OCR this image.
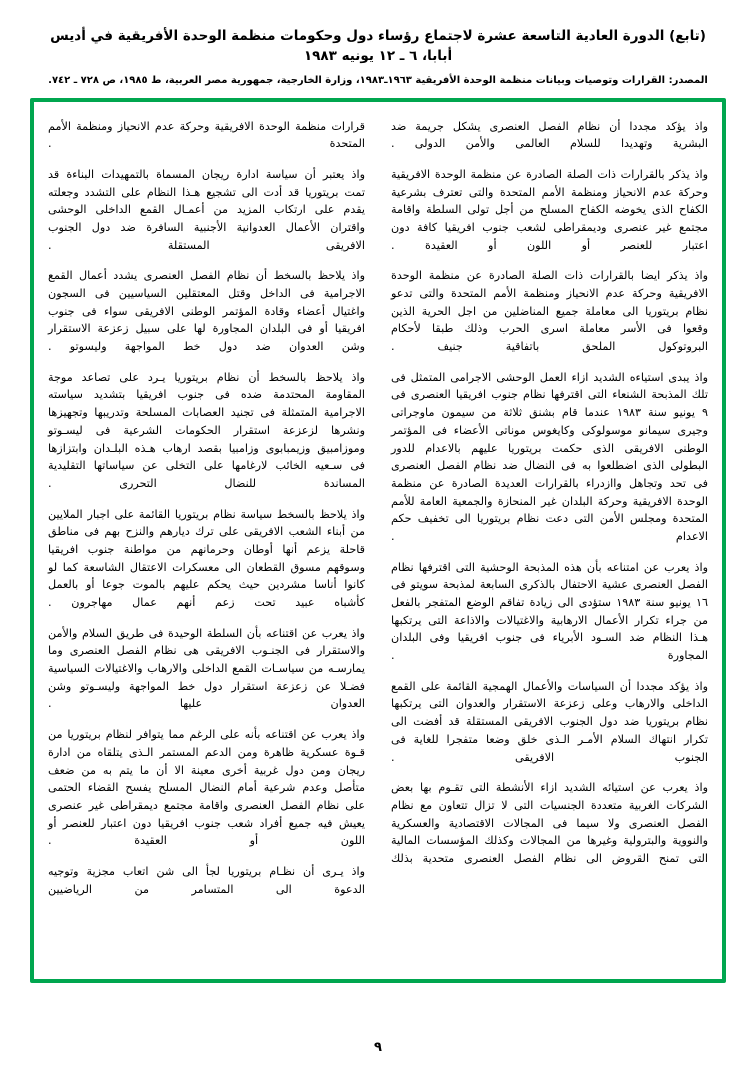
(تابع) الدورة العادية التاسعة عشرة لاجتماع رؤساء دول وحكومات منظمة الوحدة الأفريقية في أديس أبابا، ٦ ـ ١٢ يونيه ١٩٨٣
المصدر: القرارات وتوصيات وبيانات منظمة الوحدة الأفريقية ١٩٦٣ـ١٩٨٣، وزارة الخارجية، جمهورية مصر العربية، ط ١٩٨٥، ص ٧٢٨ ـ ٧٤٢.

واذ يؤكد مجددا أن نظام الفصل العنصرى يشكل جريمة ضد البشرية وتهديدا للسلام العالمى والأمن الدولى .

واذ يذكر بالقرارات ذات الصلة الصادرة عن منظمة الوحدة الافريقية وحركة عدم الانحياز ومنظمة الأمم المتحدة والتى تعترف بشرعية الكفاح الذى يخوضه الكفاح المسلح من أجل تولى السلطة واقامة مجتمع غير عنصرى وديمقراطى لشعب جنوب افريقيا كافة دون اعتبار للعنصر أو اللون أو العقيدة .

واذ يذكر ايضا بالقرارات ذات الصلة الصادرة عن منظمة الوحدة الافريقية وحركة عدم الانحياز ومنظمة الأمم المتحدة والتى تدعو نظام بريتوريا الى معاملة جميع المناضلين من اجل الحرية الذين وقعوا فى الأسر معاملة اسرى الحرب وذلك طبقا لأحكام البروتوكول الملحق باتفاقية جنيف .

واذ يبدى استياءه الشديد ازاء العمل الوحشى الاجرامى المتمثل فى تلك المذبحة الشنعاء التى اقترفها نظام جنوب افريقيا العنصرى فى ٩ يونيو سنة ١٩٨٣ عندما قام بشنق ثلاثة من سيمون ماوجراتى وجيرى سيمانو موسولوكى وكايغوس موناتى الأعضاء فى المؤتمر الوطنى الافريقى الذى حكمت بريتوريا عليهم بالاعدام للدور البطولى الذى اضطلعوا به فى النضال ضد نظام الفصل العنصرى فى تحد وتجاهل واازدراء بالقرارات العديدة الصادرة عن منظمة الوحدة الافريقية وحركة البلدان غير المنحازة والجمعية العامة للأمم المتحدة ومجلس الأمن التى دعت نظام بريتوريا الى تخفيف حكم الاعدام .

واذ يعرب عن امتناعه بأن هذه المذبحة الوحشية التى اقترفها نظام الفصل العنصرى عشية الاحتفال بالذكرى السابعة لمذبحة سويتو فى ١٦ يونيو سنة ١٩٨٣ ستؤدى الى زيادة تفاقم الوضع المتفجر بالفعل من جراء تكرار الأعمال الارهابية والاغتيالات والاذاعة التى يرتكبها هـذا النظام ضد السـود الأبرياء فى جنوب افريقيا وفى البلدان المجاورة .

واذ يؤكد مجددا أن السياسات والأعمال الهمجية القائمة على القمع الداخلى والارهاب وعلى زعزعة الاستقرار والعدوان التى يرتكبها نظام بريتوريا ضد دول الجنوب الافريقى المستقلة قد أفضت الى تكرار انتهاك السلام الأمـر الـذى خلق وضعا متفجرا للغاية فى الجنوب الافريقى .

واذ يعرب عن استيائه الشديد ازاء الأنشطة التى تقـوم بها بعض الشركات الغربية متعددة الجنسيات التى لا تزال تتعاون مع نظام الفصل العنصرى ولا سيما فى المجالات الاقتصادية والعسكرية والنووية والبترولية وغيرها من المجالات وكذلك المؤسسات المالية التى تمنح القروض الى نظام الفصل العنصرى متحدية بذلك

قرارات منظمة الوحدة الافريقية وحركة عدم الانحياز ومنظمة الأمم المتحدة .

واذ يعتبر أن سياسة ادارة ريجان المسماة بالتمهيدات البناءة قد تمت بريتوريا قد أدت الى تشجيع هـذا النظام على التشدد وجعلته يقدم على ارتكاب المزيد من أعمـال القمع الداخلى الوحشى واقتران الأعمال العدوانية الأجنبية السافرة ضد دول الجنوب الافريقى المستقلة .

واذ يلاحظ بالسخط أن نظام الفصل العنصرى يشدد أعمال القمع الاجرامية فى الداخل وقتل المعتقلين السياسيين فى السجون واغتيال أعضاء وقادة المؤتمر الوطنى الافريقى سواء فى جنوب افريقيا أو فى البلدان المجاورة لها على سبيل زعزعة الاستقرار وشن العدوان ضد دول خط المواجهة وليسوتو .

واذ يلاحظ بالسخط أن نظام بريتوريا يـرد على تصاعد موجة المقاومة المحتدمة ضده فى جنوب افريقيا بتشديد سياسته الاجرامية المتمثلة فى تجنيد العصابات المسلحة وتدريبها وتجهيزها ونشرها لزعزعة استقرار الحكومات الشرعية فى ليسـوتو وموزامبيق وزيمبابوى وزامبيا بقصد ارهاب هـذه البلـدان وابتزازها فى سـعيه الخائب لارغامها على التخلى عن سياساتها التقليدية المساندة للنضال التحررى .

واذ يلاحظ بالسخط سياسة نظام بريتوريا القائمة على اجبار الملايين من أبناء الشعب الافريقى على ترك ديارهم والنزح بهم فى مناطق قاحلة يزعم أنها أوطان وحرمانهم من مواطنة جنوب افريقيا وسوقهم مسوق القطعان الى معسكرات الاعتقال الشاسعة كما لو كانوا أناسا مشردين حيث يحكم عليهم بالموت جوعا أو بالعمل كأشباه عبيد تحت زعم أنهم عمال مهاجرون .

واذ يعرب عن اقتناعه بأن السلطة الوحيدة فى طريق السلام والأمن والاستقرار فى الجنـوب الافريقى هى نظام الفصل العنصرى وما يمارسـه من سياسـات القمع الداخلى والارهاب والاغتيالات السياسية فضـلا عن زعزعة استقرار دول خط المواجهة وليسـوتو وشن العدوان عليها .

واذ يعرب عن اقتناعه بأنه على الرغم مما يتوافر لنظام بريتوريا من قـوة عسكرية ظاهرة ومن الدعم المستمر الـذى يتلقاه من ادارة ريجان ومن دول غربية أخرى معينة الا أن ما يتم به من ضعف متأصل وعدم شرعية أمام النضال المسلح يفسح القضاء الحتمى على نظام الفصل العنصرى واقامة مجتمع ديمقراطى غير عنصرى يعيش فيه جميع أفراد شعب جنوب افريقيا دون اعتبار للعنصر أو اللون أو العقيدة .

واذ يـرى أن نظـام بريتوريا لجأ الى شن اتعاب مجزية وتوجيه الدعوة الى المتسامر من الرياضيين

٩
